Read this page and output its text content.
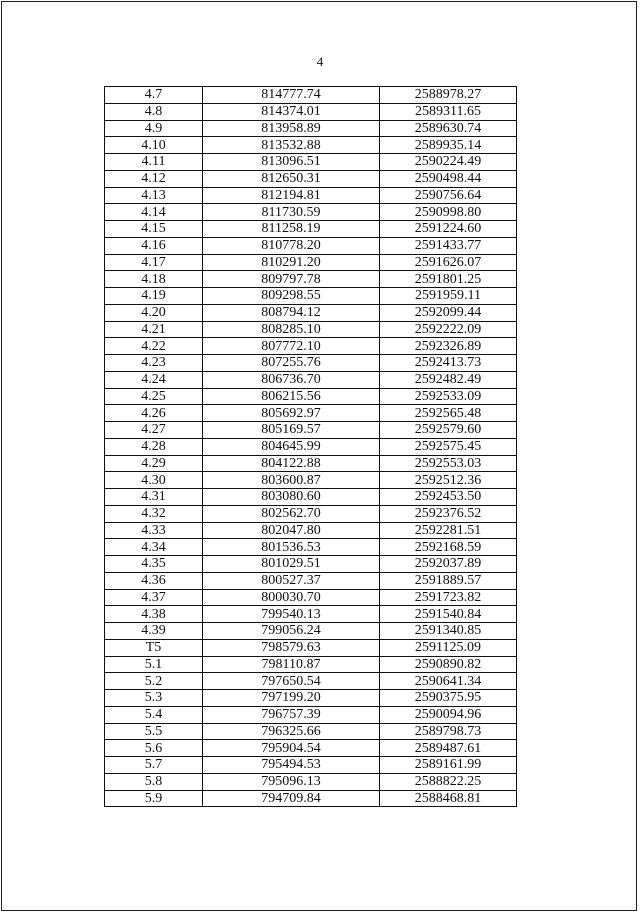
4
4.7	814777.74	2588978.27
4.8	814374.01	2589311.65
4.9	813958.89	2589630.74
4.10	813532.88	2589935.14
4.11	813096.51	2590224.49
4.12	812650.31	2590498.44
4.13	812194.81	2590756.64
4.14	811730.59	2590998.80
4.15	811258.19	2591224.60
4.16	810778.20	2591433.77
4.17	810291.20	2591626.07
4.18	809797.78	2591801.25
4.19	809298.55	2591959.11
4.20	808794.12	2592099.44
4.21	808285.10	2592222.09
4.22	807772.10	2592326.89
4.23	807255.76	2592413.73
4.24	806736.70	2592482.49
4.25	806215.56	2592533.09
4.26	805692.97	2592565.48
4.27	805169.57	2592579.60
4.28	804645.99	2592575.45
4.29	804122.88	2592553.03
4.30	803600.87	2592512.36
4.31	803080.60	2592453.50
4.32	802562.70	2592376.52
4.33	802047.80	2592281.51
4.34	801536.53	2592168.59
4.35	801029.51	2592037.89
4.36	800527.37	2591889.57
4.37	800030.70	2591723.82
4.38	799540.13	2591540.84
4.39	799056.24	2591340.85
T5	798579.63	2591125.09
5.1	798110.87	2590890.82
5.2	797650.54	2590641.34
5.3	797199.20	2590375.95
5.4	796757.39	2590094.96
5.5	796325.66	2589798.73
5.6	795904.54	2589487.61
5.7	795494.53	2589161.99
5.8	795096.13	2588822.25
5.9	794709.84	2588468.81
